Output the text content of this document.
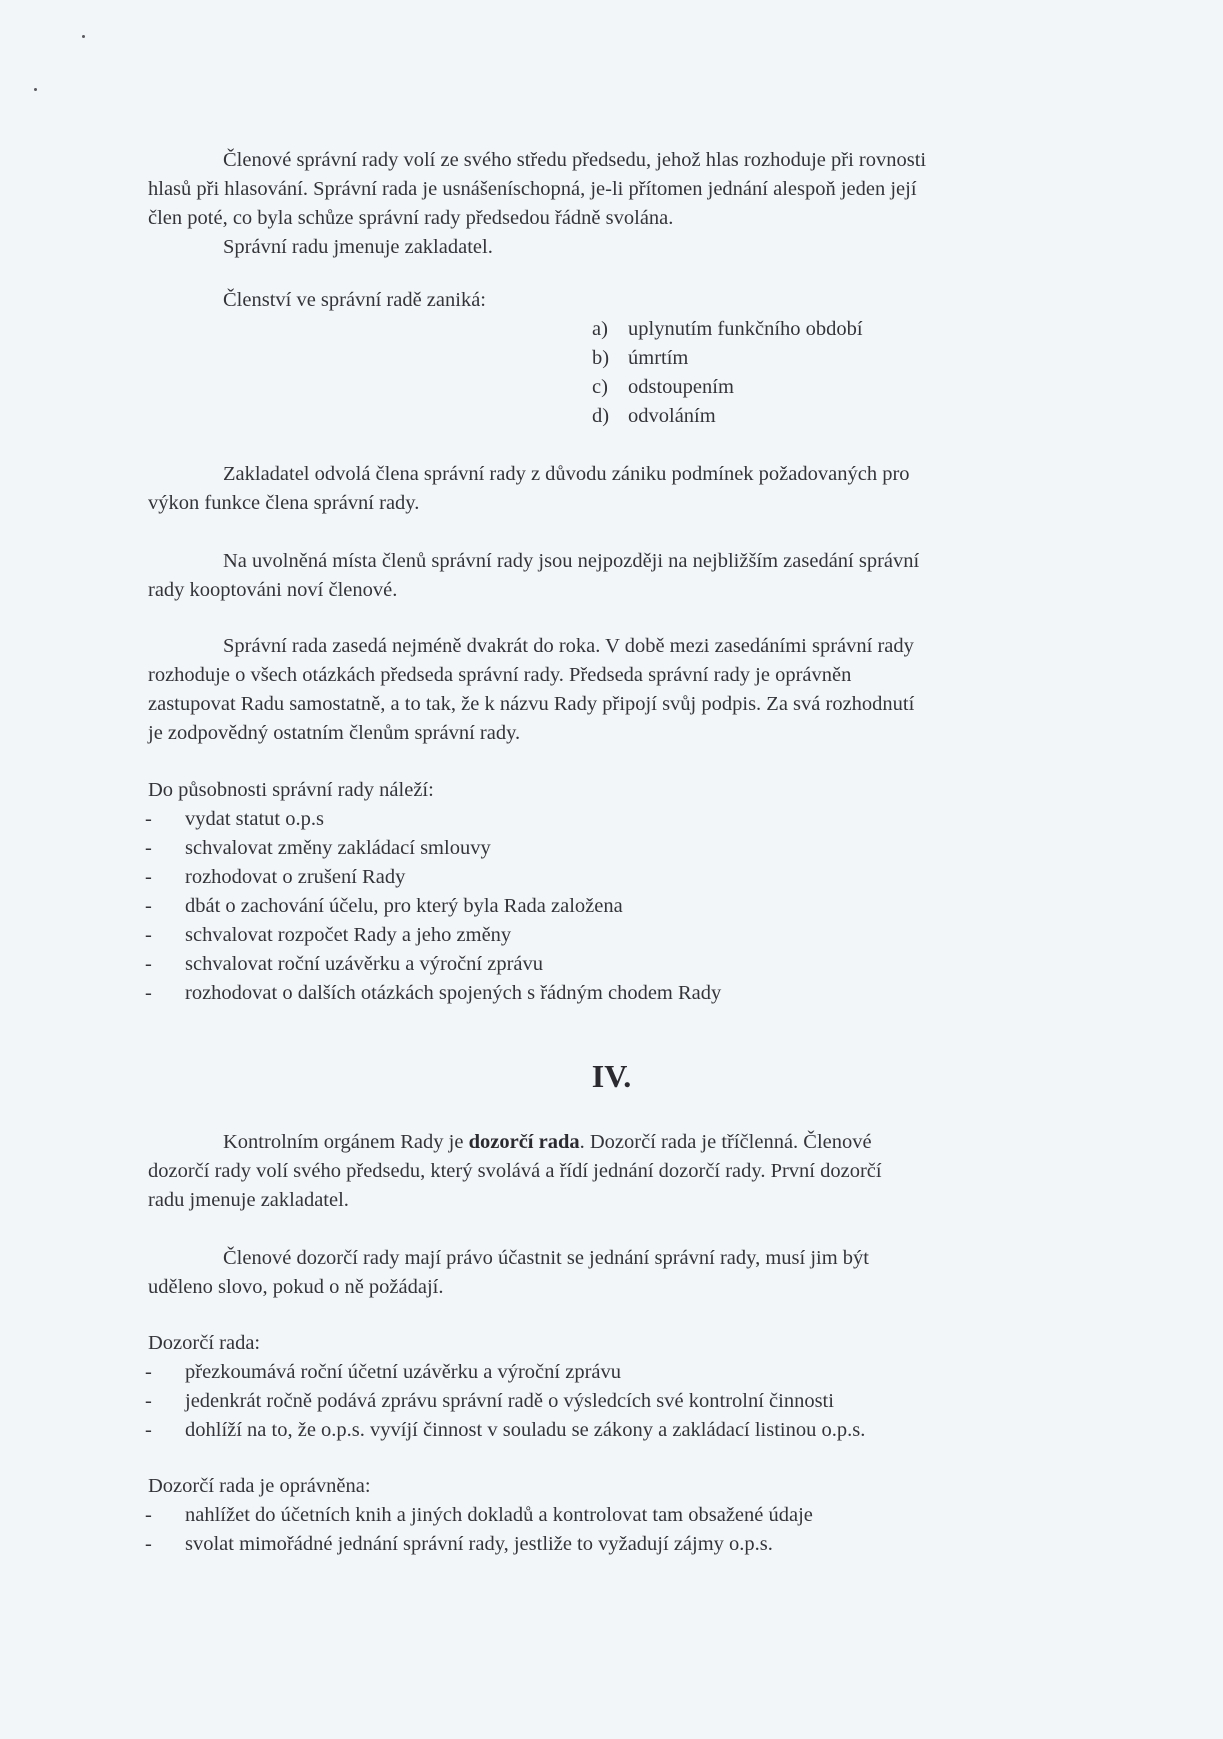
Členové správní rady volí ze svého středu předsedu, jehož hlas rozhoduje při rovnosti
hlasů při hlasování. Správní rada je usnášeníschopná, je-li přítomen jednání alespoň jeden její
člen poté, co byla schůze správní rady předsedou řádně svolána.
Správní radu jmenuje zakladatel.
Členství ve správní radě zaniká:
a) uplynutím funkčního období
b) úmrtím
c) odstoupením
d) odvoláním
Zakladatel odvolá člena správní rady z důvodu zániku podmínek požadovaných pro
výkon funkce člena správní rady.
Na uvolněná místa členů správní rady jsou nejpozději na nejbližším zasedání správní
rady kooptováni noví členové.
Správní rada zasedá nejméně dvakrát do roka. V době mezi zasedáními správní rady
rozhoduje o všech otázkách předseda správní rady. Předseda správní rady je oprávněn
zastupovat Radu samostatně, a to tak, že k názvu Rady připojí svůj podpis. Za svá rozhodnutí
je zodpovědný ostatním členům správní rady.
Do působnosti správní rady náleží:
-	vydat statut o.p.s
-	schvalovat změny zakládací smlouvy
-	rozhodovat o zrušení Rady
-	dbát o zachování účelu, pro který byla Rada založena
-	schvalovat rozpočet Rady a jeho změny
-	schvalovat roční uzávěrku a výroční zprávu
-	rozhodovat o dalších otázkách spojených s řádným chodem Rady
IV.
Kontrolním orgánem Rady je dozorčí rada. Dozorčí rada je tříčlenná. Členové
dozorčí rady volí svého předsedu, který svolává a řídí jednání dozorčí rady. První dozorčí
radu jmenuje zakladatel.
Členové dozorčí rady mají právo účastnit se jednání správní rady, musí jim být
uděleno slovo, pokud o ně požádají.
Dozorčí rada:
-	přezkoumává roční účetní uzávěrku a výroční zprávu
-	jedenkrát ročně podává zprávu správní radě o výsledcích své kontrolní činnosti
-	dohlíží na to, že o.p.s. vyvíjí činnost v souladu se zákony a zakládací listinou o.p.s.
Dozorčí rada je oprávněna:
-	nahlížet do účetních knih a jiných dokladů a kontrolovat tam obsažené údaje
-	svolat mimořádné jednání správní rady, jestliže to vyžadují zájmy o.p.s.
